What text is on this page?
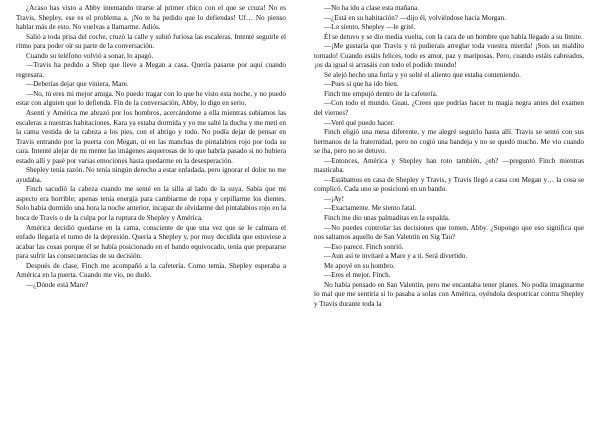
¿Acaso has visto a Abby intentando tirarse al primer chico con el que se cruza! No es Travis, Shepley, ese es el problema a. ¡No te ha pedido que lo defiendas! Uf… No pienso hablar más de esto. No vuelvas a llamarme. Adiós.

Salió a toda prisa del coche, cruzó la calle y subió furiosa las escaleras. Intenté seguirle el ritmo para poder oír su parte de la conversación.

Cuando su teléfono volvió a sonar, lo apagó.

—Travis ha pedido a Shep que lleve a Megan a casa. Quería pasarse por aquí cuando regresara.

—Deberías dejar que viniera, Mare.

—No, tú eres mi mejor amiga. No puedo tragar con lo que he visto esta noche, y no puedo estar con alguien que lo defienda. Fin de la conversación, Abby, lo digo en serio.

Asentí y América me abrazó por los hombros, acercándome a ella mientras subíamos las escaleras a nuestras habitaciones. Kara ya estaba dormida y yo me salté la ducha y me metí en la cama vestida de la cabeza a los pies, con el abrigo y todo. No podía dejar de pensar en Travis entrando por la puerta con Megan, ni en las manchas de pintalabios rojo por toda su cara. Intenté alejar de mi mente las imágenes asquerosas de lo que habría pasado si no hubiera estado allí y pasé por varias emociones hasta quedarme en la desesperación.

Shepley tenía razón. No tenía ningún derecho a estar enfadada, pero ignorar el dolor no me ayudaba.

Finch sacudió la cabeza cuando me senté en la silla al lado de la suya. Sabía que mi aspecto era horrible; apenas tenía energía para cambiarme de ropa y cepillarme los dientes. Solo había dormido una hora la noche anterior, incapaz de olvidarme del pintalabios rojo en la boca de Travis o de la culpa por la ruptura de Shepley y América.

América decidió quedarse en la cama, consciente de que una vez que se le calmara el enfado llegaría el turno de la depresión. Quería a Shepley y, por muy decidida que estuviese a acabar las cosas porque él se había posicionado en el bando equivocado, tenía que prepararse para sufrir las consecuencias de su decisión.

Después de clase, Finch me acompañó a la cafetería. Como temía, Shepley esperaba a América en la puerta. Cuando me vio, no dudó.

—¿Dónde está Mare?

—No ha ido a clase esta mañana.

—¿Está en su habitación? —dijo él, volviéndose hacia Morgan.

—Lo siento, Shepley —le grité.

Él se detuvo y se dio media vuelta, con la cara de un hombre que había llegado a su límite.

—¡Me gustaría que Travis y tú pudierais arreglar toda vuestra mierda! ¡Sois un maldito tornado! Cuando estáis felices, todo es amor, paz y mariposas. Pero, cuando estáis cabreados, ¡os da igual si arrasáis con todo el podido mundo!

Se alejó hecho una furia y yo solté el aliento que estaba conteniendo.

—Pues sí que ha ido bien.

Finch me empujó dentro de la cafetería.

—Con todo el mundo. Guau. ¿Crees que podrías hacer tu magia negra antes del examen del viernes?

—Veré qué puedo hacer.

Finch eligió una mesa diferente, y me alegré seguirlo hasta allí. Travis se sentó con sus hermanos de la fraternidad, pero no cogió una bandeja y no se quedó mucho. Me vio cuando se iba, pero no se detuvo.

—Entonces, América y Shepley han roto también, ¿eh? —preguntó Finch mientras masticaba.

—Estábamos en casa de Shepley y Travis, y Travis llegó a casa con Megan y… la cosa se complicó. Cada uno se posicionó en un bando.

—¡Ay!

—Exactamente. Me siento fatal.

Finch me dio unas palmaditas en la espalda.

—No puedes controlar las decisiones que tomen, Abby. ¿Supongo que eso significa que nos saltamos aquello de San Valentín en Sig Tau?

—Eso parece. Finch sonrió.

—Aun así te invitaré a Mare y a ti. Será divertido.

Me apoyé en su hombro.

—Eres el mejor, Finch.

No había pensado en San Valentín, pero me encantaba tener planes. No podía imaginarme lo mal que me sentiría si lo pasaba a solas con América, oyéndola despotricar contra Shepley y Travis durante toda la
